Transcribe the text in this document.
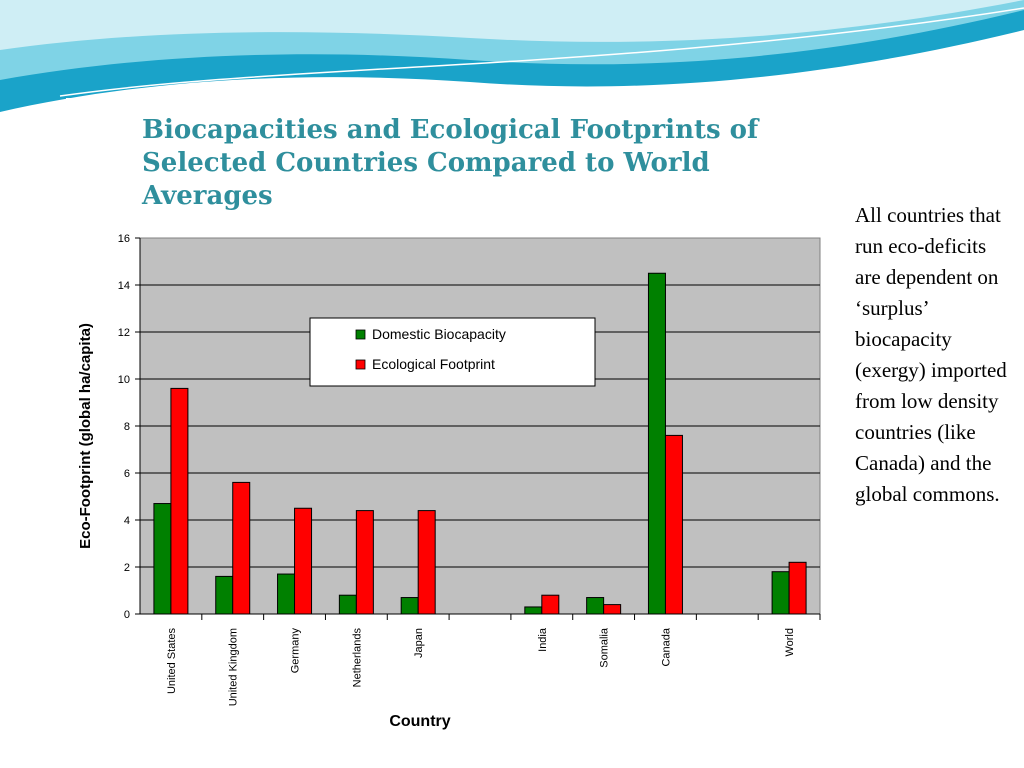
Biocapacities and Ecological Footprints of Selected Countries Compared to World Averages

All countries that run eco-deficits are dependent on ‘surplus’ biocapacity (exergy) imported from low density countries (like Canada) and the global commons.

0
2
4
6
8
10
12
14
16
United States	United Kingdom	Germany	Netherlands	Japan	India	Somalia	Canada	World
Country
Eco-Footprint (global ha/capita)	Domestic Biocapacity
Ecological Footprint
